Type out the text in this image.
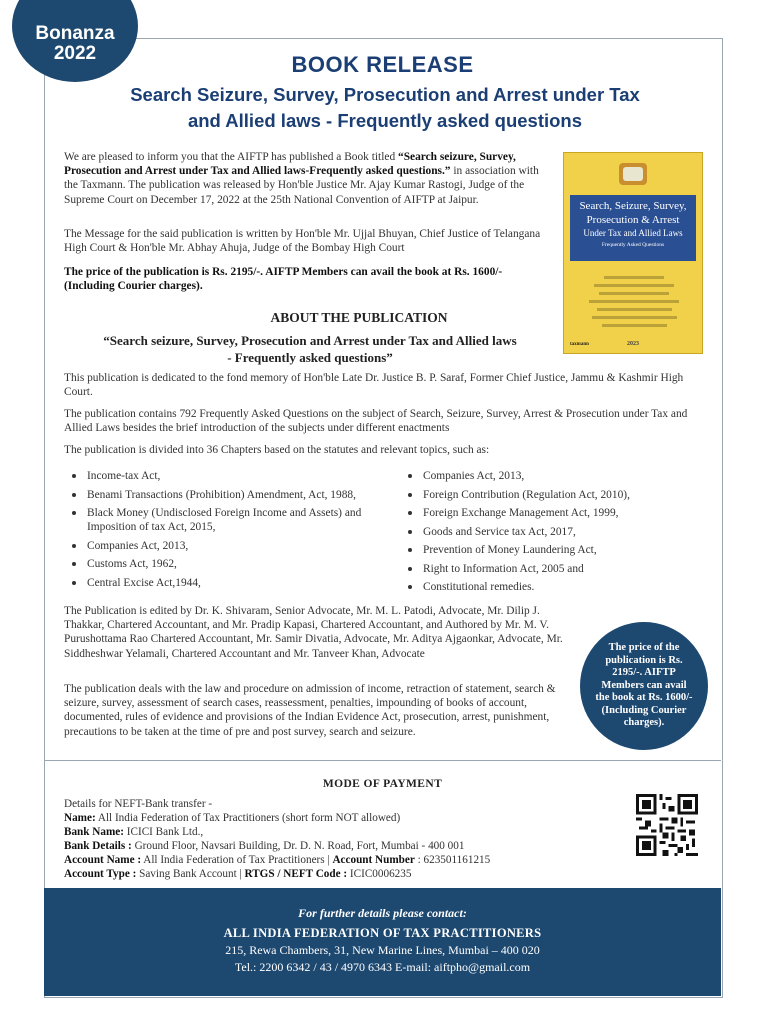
Bonanza
2022	BOOK RELEASE
Search Seizure, Survey, Prosecution and Arrest under Tax
and Allied laws - Frequently asked questions
We are pleased to inform you that the AIFTP has published a Book titled “Search seizure, Survey, Prosecution and Arrest under Tax and Allied laws-Frequently asked questions.” in association with the Taxmann. The publication was released by Hon'ble Justice Mr. Ajay Kumar Rastogi, Judge of the Supreme Court on December 17, 2022 at the 25th National Convention of AIFTP at Jaipur.
The Message for the said publication is written by Hon'ble Mr. Ujjal Bhuyan, Chief Justice of Telangana High Court & Hon'ble Mr. Abhay Ahuja, Judge of the Bombay High Court
The price of the publication is Rs. 2195/-. AIFTP Members can avail the book at Rs. 1600/- (Including Courier charges).
Search, Seizure, Survey,
Prosecution & Arrest
Under Tax and Allied Laws
Frequently Asked Questions
taxmann	2023
ABOUT THE PUBLICATION
“Search seizure, Survey, Prosecution and Arrest under Tax and Allied laws
- Frequently asked questions”
This publication is dedicated to the fond memory of Hon'ble Late Dr. Justice B. P. Saraf, Former Chief Justice, Jammu & Kashmir High Court.
The publication contains 792 Frequently Asked Questions on the subject of Search, Seizure, Survey, Arrest & Prosecution under Tax and Allied Laws besides the brief introduction of the subjects under different enactments
The publication is divided into 36 Chapters based on the statutes and relevant topics, such as:
Income-tax Act,
Benami Transactions (Prohibition) Amendment, Act, 1988,
Black Money (Undisclosed Foreign Income and Assets) and Imposition of tax Act, 2015,
Companies Act, 2013,
Customs Act, 1962,
Central Excise Act,1944,
Companies Act, 2013,
Foreign Contribution (Regulation Act, 2010),
Foreign Exchange Management Act, 1999,
Goods and Service tax Act, 2017,
Prevention of Money Laundering Act,
Right to Information Act, 2005 and
Constitutional remedies.
The Publication is edited by Dr. K. Shivaram, Senior Advocate, Mr. M. L. Patodi, Advocate, Mr. Dilip J. Thakkar, Chartered Accountant, and Mr. Pradip Kapasi, Chartered Accountant, and Authored by Mr. M. V. Purushottama Rao Chartered Accountant, Mr. Samir Divatia, Advocate, Mr. Aditya Ajgaonkar, Advocate, Mr. Siddheshwar Yelamali, Chartered Accountant and Mr. Tanveer Khan, Advocate
The publication deals with the law and procedure on admission of income, retraction of statement, search & seizure, survey, assessment of search cases, reassessment, penalties, impounding of books of account, documented, rules of evidence and provisions of the Indian Evidence Act, prosecution, arrest, punishment, precautions to be taken at the time of pre and post survey, search and seizure.
The price of the publication is Rs. 2195/-. AIFTP Members can avail the book at Rs. 1600/- (Including Courier charges).
MODE OF PAYMENT
Details for NEFT-Bank transfer -
Name: All India Federation of Tax Practitioners (short form NOT allowed)
Bank Name: ICICI Bank Ltd.,
Bank Details : Ground Floor, Navsari Building, Dr. D. N. Road, Fort, Mumbai - 400 001
Account Name : All India Federation of Tax Practitioners | Account Number : 623501161215
Account Type : Saving Bank Account | RTGS / NEFT Code : ICIC0006235
For further details please contact:
ALL INDIA FEDERATION OF TAX PRACTITIONERS
215, Rewa Chambers, 31, New Marine Lines, Mumbai – 400 020
Tel.: 2200 6342 / 43 / 4970 6343 E-mail: aiftpho@gmail.com
